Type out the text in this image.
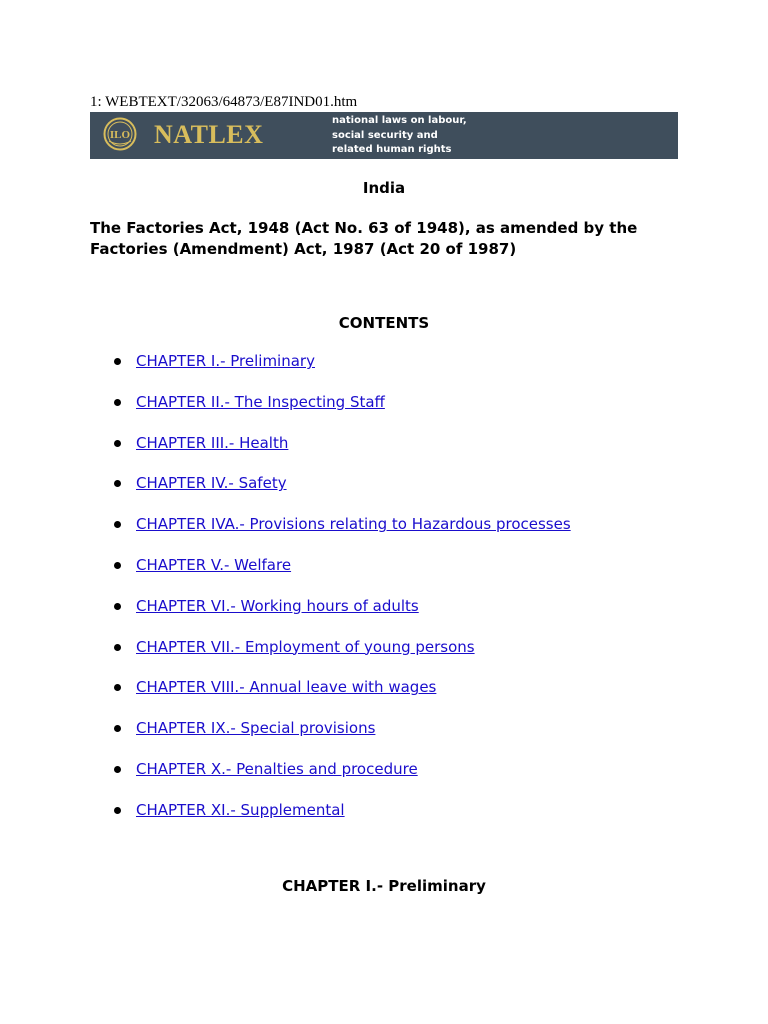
1: WEBTEXT/32063/64873/E87IND01.htm
ILO NATLEX	national laws on labour,
social security and
related human rights
India
The Factories Act, 1948 (Act No. 63 of 1948), as amended by the Factories (Amendment) Act, 1987 (Act 20 of 1987)
CONTENTS
CHAPTER I.- Preliminary
CHAPTER II.- The Inspecting Staff
CHAPTER III.- Health
CHAPTER IV.- Safety
CHAPTER IVA.- Provisions relating to Hazardous processes
CHAPTER V.- Welfare
CHAPTER VI.- Working hours of adults
CHAPTER VII.- Employment of young persons
CHAPTER VIII.- Annual leave with wages
CHAPTER IX.- Special provisions
CHAPTER X.- Penalties and procedure
CHAPTER XI.- Supplemental
CHAPTER I.- Preliminary
